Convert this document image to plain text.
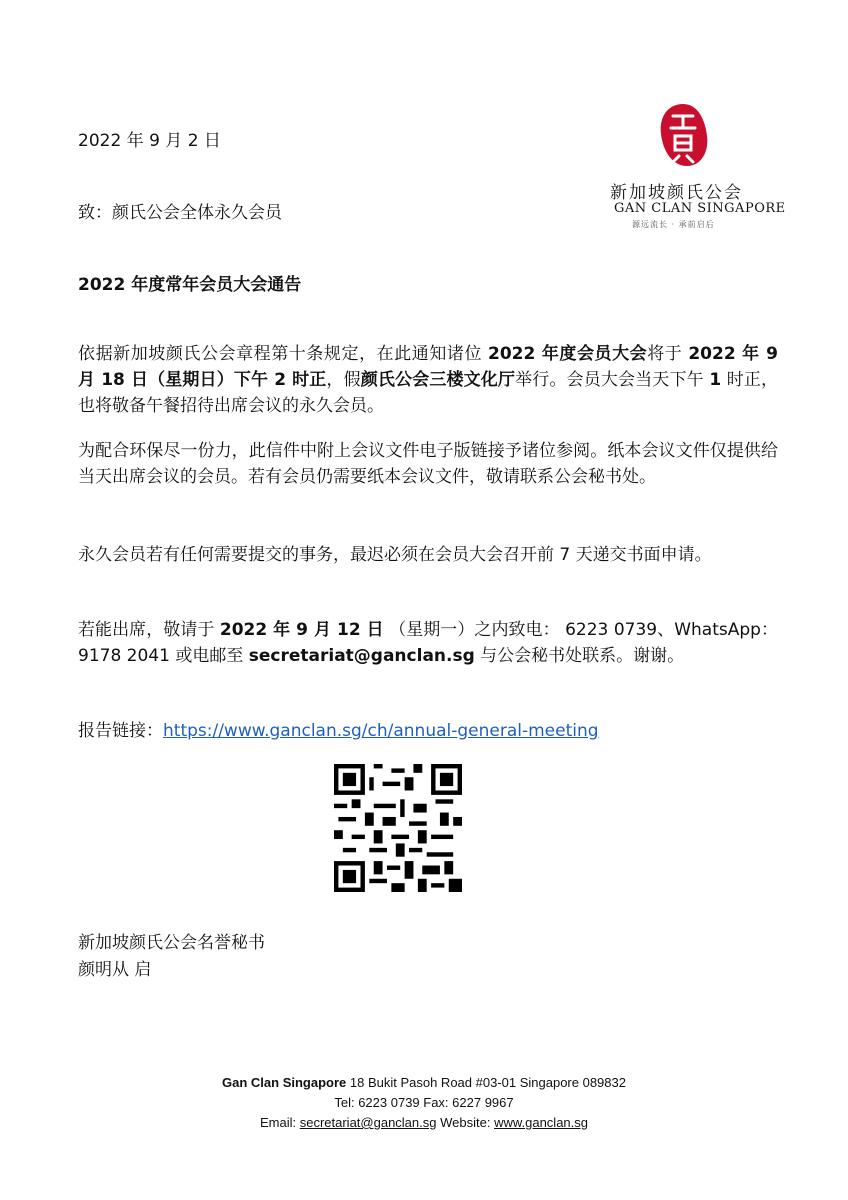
新加坡颜氏公会
GAN CLAN SINGAPORE
源远流长 · 承前启后
2022 年 9 月 2 日
致：颜氏公会全体永久会员
2022 年度常年会员大会通告
依据新加坡颜氏公会章程第十条规定，在此通知诸位 2022 年度会员大会将于 2022 年 9 月 18 日（星期日）下午 2 时正，假颜氏公会三楼文化厅举行。会员大会当天下午 1 时正，也将敬备午餐招待出席会议的永久会员。
为配合环保尽一份力，此信件中附上会议文件电子版链接予诸位参阅。纸本会议文件仅提供给当天出席会议的会员。若有会员仍需要纸本会议文件，敬请联系公会秘书处。
永久会员若有任何需要提交的事务，最迟必须在会员大会召开前 7 天递交书面申请。
若能出席，敬请于 2022 年 9 月 12 日 （星期一）之内致电： 6223 0739、WhatsApp： 9178 2041 或电邮至 secretariat@ganclan.sg 与公会秘书处联系。谢谢。
报告链接：https://www.ganclan.sg/ch/annual-general-meeting
新加坡颜氏公会名誉秘书
颜明从 启
Gan Clan Singapore 18 Bukit Pasoh Road #03-01 Singapore 089832
Tel: 6223 0739 Fax: 6227 9967
Email: secretariat@ganclan.sg Website: www.ganclan.sg
